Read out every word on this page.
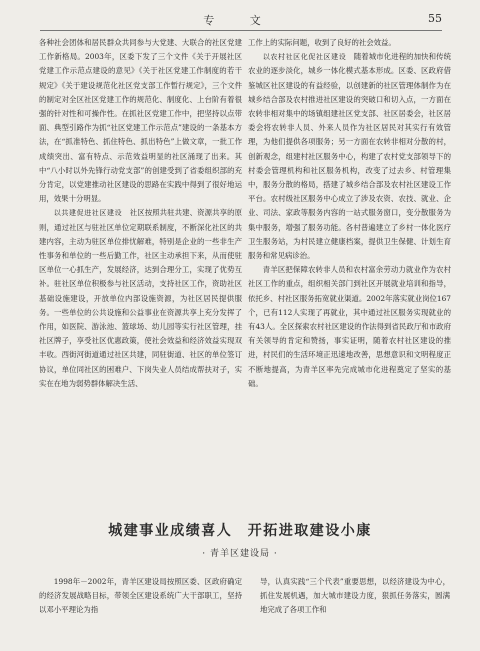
专 文	55

各种社会团体和居民群众共同参与大党建、大联合的社区党建工作新格局。2003年，区委下发了三个文件《关于开展社区党建工作示范点建设的意见》《关于社区党建工作制度的若干规定》《关于建设规范化社区党支部工作暂行规定》，三个文件的制定对全区社区党建工作的规范化、制度化、上台阶有着很强的针对性和可操作性。在抓社区党建工作中，把坚持以点带面、典型引路作为抓“社区党建工作示范点”建设的一条基本方法，在“抓准特色、抓住特色、抓出特色”上做文章，一批工作成绩突出、富有特点、示范效益明显的社区涌现了出来。其中“八小时以外先锋行动党支部”的创建受到了省委组织部的充分肯定，以党建推动社区建设的思路在实践中得到了很好地运用，效果十分明显。

以共建促进社区建设　 社区按照共驻共建、资源共享的原则，通过社区与驻社区单位定期联系制度，不断深化社区的共建内容，主动为驻区单位排忧解难，特别是企业的一些非生产性事务和单位的一些后勤工作，社区主动承担下来，从而使驻区单位一心抓生产，发展经济，达到合理分工，实现了优势互补。驻社区单位积极参与社区活动，支持社区工作，资助社区基础设施建设，开放单位内部设施资源，为社区居民提供服务。一些单位的公共设施和公益事业在资源共享上充分发挥了作用，如医院、游泳池、篮球场、幼儿园等实行社区管理，挂社区牌子，享受社区优惠政策，使社会效益和经济效益实现双丰收。西街河街道通过社区共建，同驻街道、社区的单位签订协议，单位同社区的困难户、下岗失业人员结成帮扶对子，实实在在地为弱势群体解决生活、

工作上的实际问题，收到了良好的社会效益。

以农村社区化促社区建设　 随着城市化进程的加快和传统农业的逐步淡化，城乡一体化模式基本形成。区委、区政府借鉴城区社区建设的有益经验，以创建新的社区管理体制作为在城乡结合部及农村推进社区建设的突破口和切入点，一方面在农转非相对集中的场镇组建社区党支部、社区居委会，社区居委会将农转非人员、外来人员作为社区居民对其实行有效管理，为他们提供各项服务；另一方面在农转非相对分散的村，创新观念，组建村社区服务中心，构建了农村党支部领导下的村委会管理机构和社区服务机构，改变了过去乡、村管理集中，服务分散的格局，搭建了城乡结合部及农村社区建设工作平台。农村级社区服务中心成立了涉及农资、农技、就业、企业、司法、家政等服务内容的一站式服务窗口，变分散服务为集中服务，增强了服务功能。各村普遍建立了乡村一体化医疗卫生服务站，为村民建立健康档案，提供卫生保健、计划生育服务和常见病诊治。

青羊区把保障农转非人员和农村富余劳动力就业作为农村社区工作的重点，组织相关部门到社区开展就业培训和指导，依托乡、村社区服务拓宽就业渠道。2002年落实就业岗位167个，已有112人实现了再就业，其中通过社区服务实现就业的有43人。全区探索农村社区建设的作法得到省民政厅和市政府有关领导的肯定和赞扬，事实证明，随着农村社区建设的推进，村民们的生活环境正迅速地改善，思想意识和文明程度正不断地提高，为青羊区率先完成城市化进程奠定了坚实的基础。

城建事业成绩喜人　开拓进取建设小康
· 青羊区建设局 ·

1998年－2002年，青羊区建设局按照区委、区政府确定的经济发展战略目标，带领全区建设系统广大干部职工，坚持以邓小平理论为指

导，认真实践“三个代表”重要思想，以经济建设为中心，抓住发展机遇，加大城市建设力度，狠抓任务落实，圆满地完成了各项工作和
